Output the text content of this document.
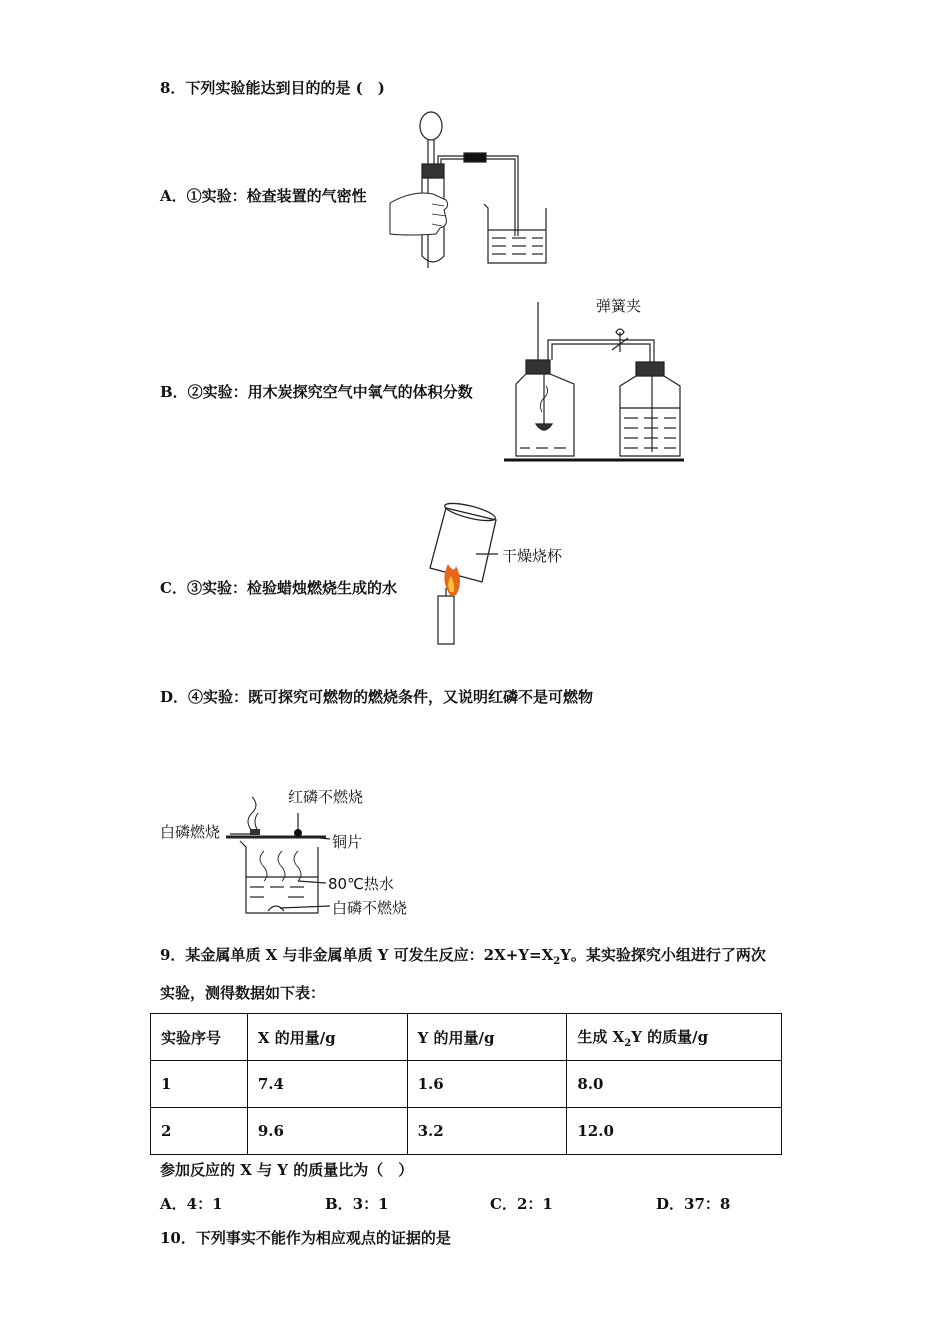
8．下列实验能达到目的的是 (　)
A．①实验：检查装置的气密性
B．②实验：用木炭探究空气中氧气的体积分数
弹簧夹
C．③实验：检验蜡烛燃烧生成的水
干燥烧杯
D．④实验：既可探究可燃物的燃烧条件，又说明红磷不是可燃物
白磷燃烧
红磷不燃烧
铜片
80℃热水
白磷不燃烧
9．某金属单质 X 与非金属单质 Y 可发生反应：$2X+Y=X_2Y$。某实验探究小组进行了两次
实验，测得数据如下表：
实验序号	X 的用量/g	Y 的用量/g	生成 $X_2Y$ 的质量/g
1	7.4	1.6	8.0
2	9.6	3.2	12.0
参加反应的 X 与 Y 的质量比为（　）
A．4：1	B．3：1	C．2：1	D．37：8
10．下列事实不能作为相应观点的证据的是
